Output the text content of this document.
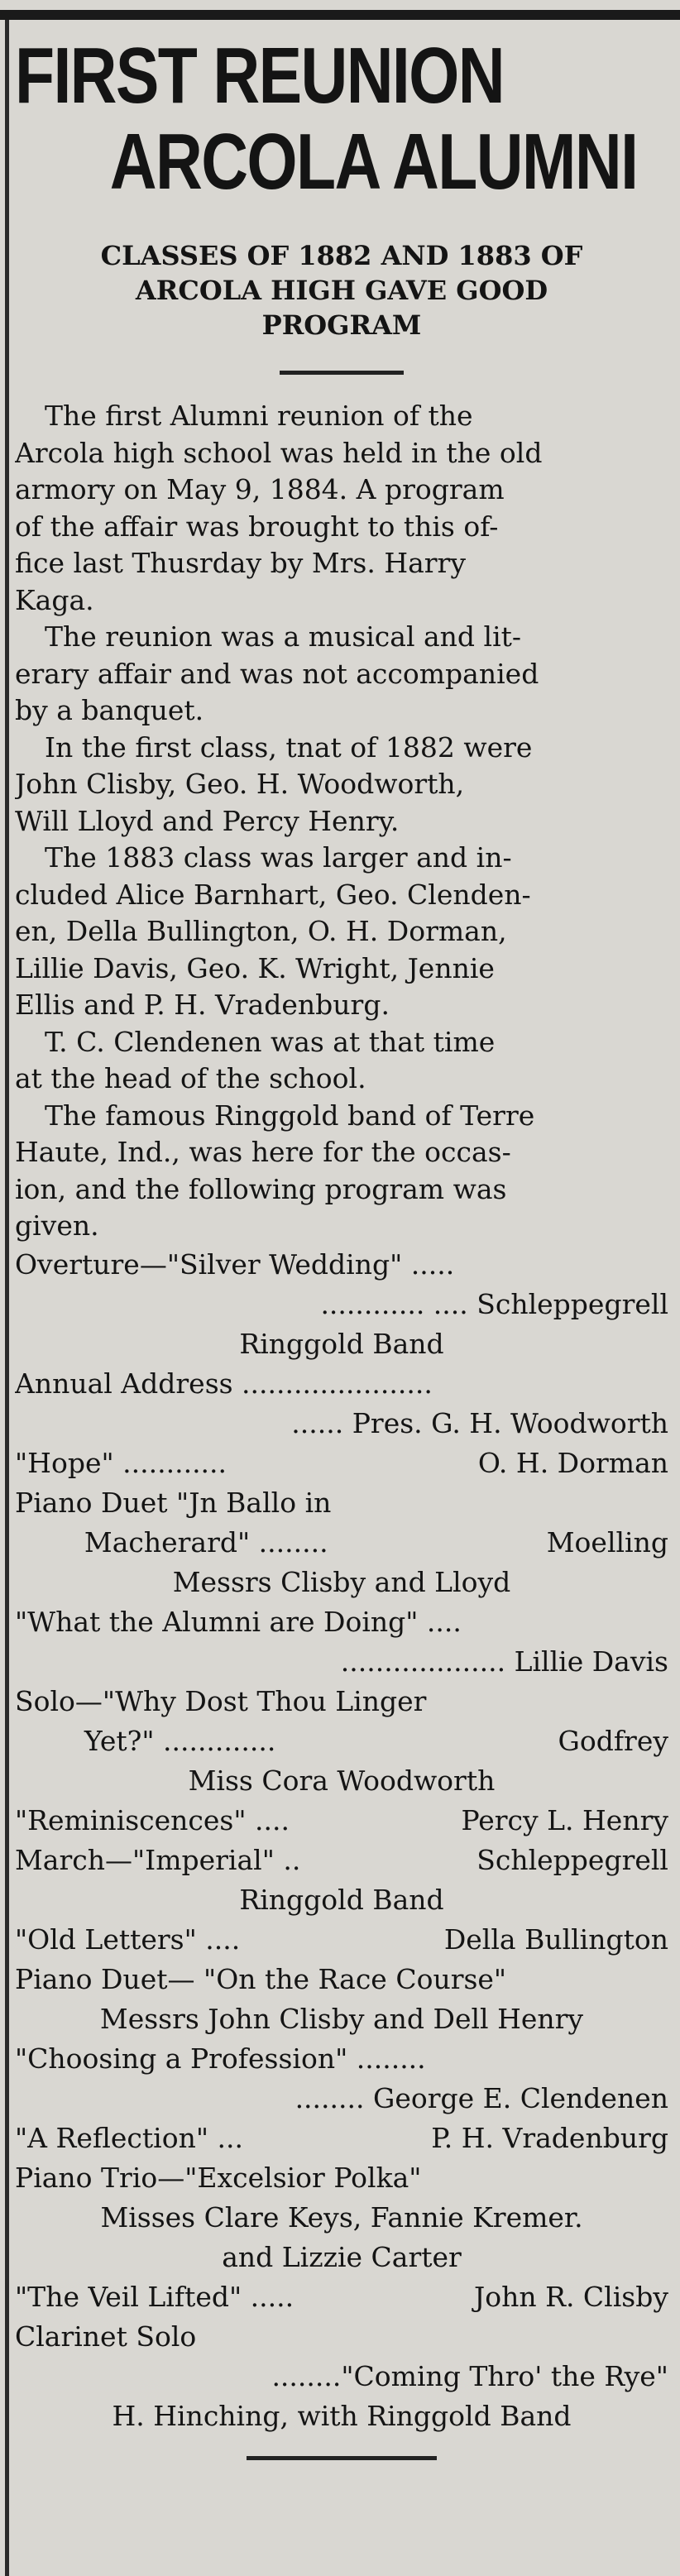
FIRST REUNION
ARCOLA ALUMNI
CLASSES OF 1882 AND 1883 OF
ARCOLA HIGH GAVE GOOD
PROGRAM
The first Alumni reunion of the
Arcola high school was held in the old
armory on May 9, 1884. A program
of the affair was brought to this of-
fice last Thusrday by Mrs. Harry
Kaga.
The reunion was a musical and lit-
erary affair and was not accompanied
by a banquet.
In the first class, tnat of 1882 were
John Clisby, Geo. H. Woodworth,
Will Lloyd and Percy Henry.
The 1883 class was larger and in-
cluded Alice Barnhart, Geo. Clenden-
en, Della Bullington, O. H. Dorman,
Lillie Davis, Geo. K. Wright, Jennie
Ellis and P. H. Vradenburg.
T. C. Clendenen was at that time
at the head of the school.
The famous Ringgold band of Terre
Haute, Ind., was here for the occas-
ion, and the following program was
given.
Overture—"Silver Wedding" .....
............ .... Schleppegrell
Ringgold Band
Annual Address ......................
...... Pres. G. H. Woodworth
"Hope" ............	O. H. Dorman
Piano Duet "Jn Ballo in
Macherard" ........	Moelling
Messrs Clisby and Lloyd
"What the Alumni are Doing" ....
................... Lillie Davis
Solo—"Why Dost Thou Linger
Yet?" .............	Godfrey
Miss Cora Woodworth
"Reminiscences" ....	Percy L. Henry
March—"Imperial" ..	Schleppegrell
Ringgold Band
"Old Letters" ....	Della Bullington
Piano Duet— "On the Race Course"
Messrs John Clisby and Dell Henry
"Choosing a Profession" ........
........ George E. Clendenen
"A Reflection" ...	P. H. Vradenburg
Piano Trio—"Excelsior Polka"
Misses Clare Keys, Fannie Kremer.
and Lizzie Carter
"The Veil Lifted" .....	John R. Clisby
Clarinet Solo
........"Coming Thro' the Rye"
H. Hinching, with Ringgold Band
